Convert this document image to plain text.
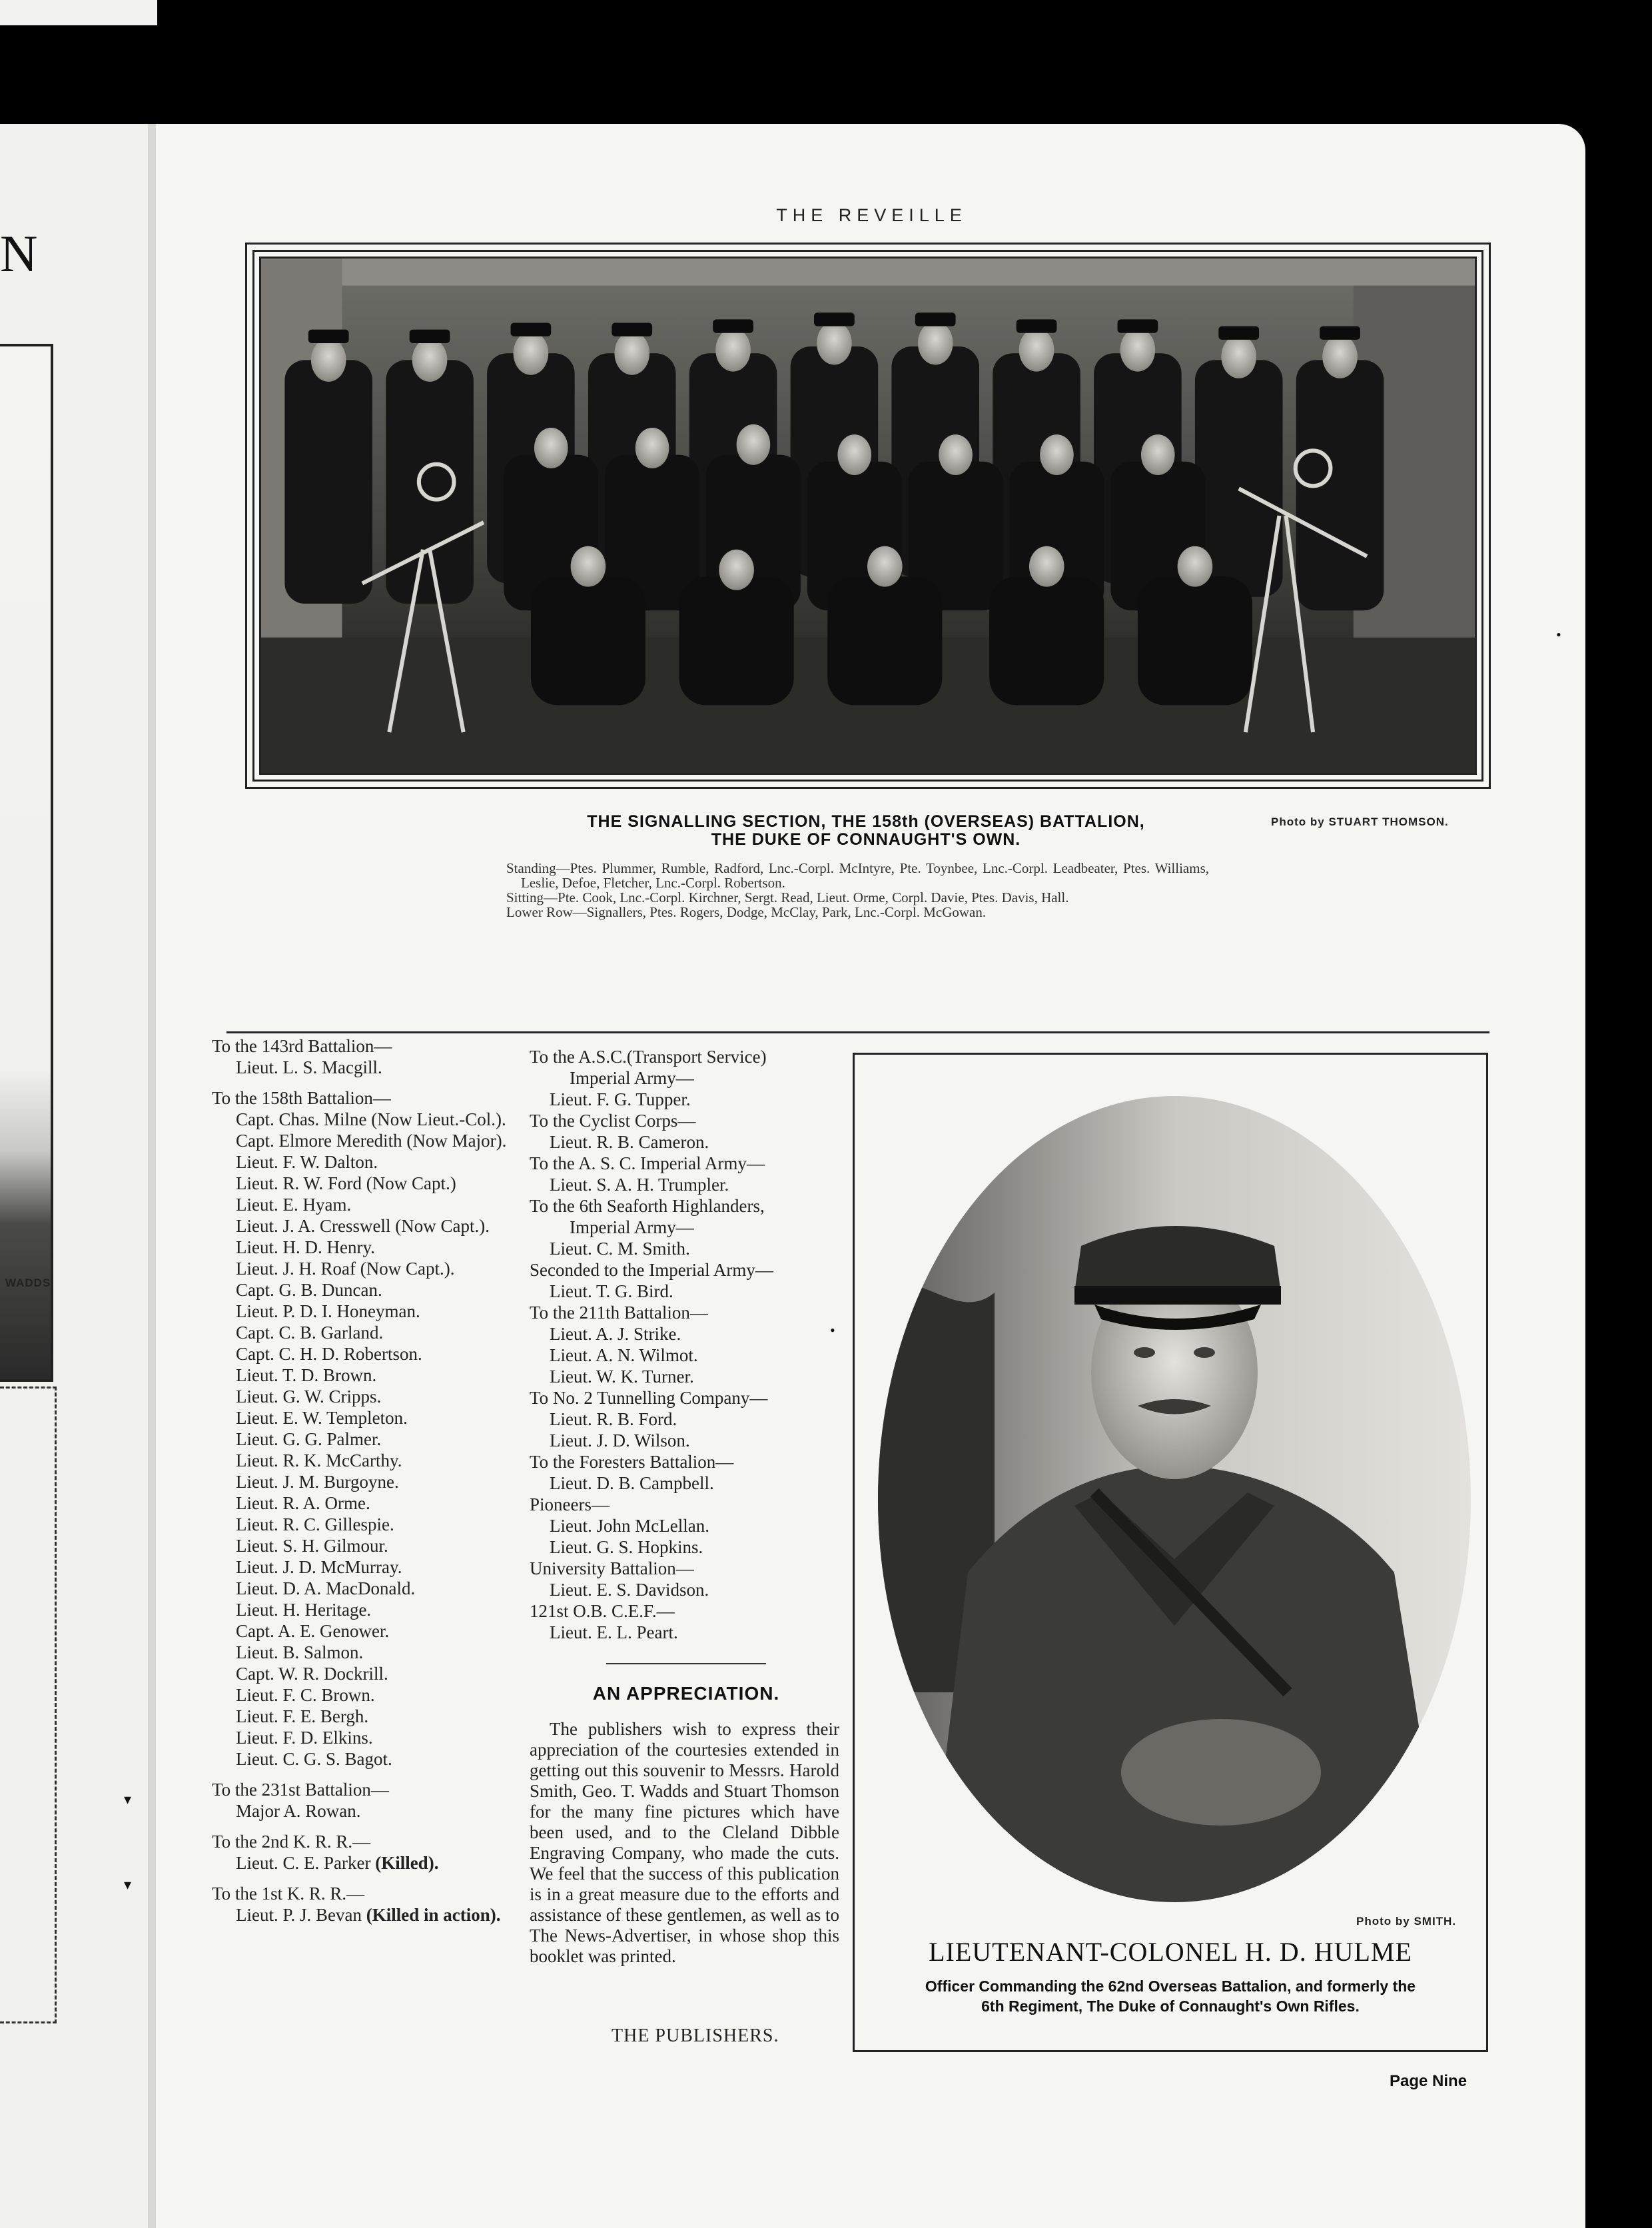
N
WADDS.
THE REVEILLE
Photo by STUART THOMSON.
THE SIGNALLING SECTION, THE 158th (OVERSEAS) BATTALION,
THE DUKE OF CONNAUGHT'S OWN.

Standing—Ptes. Plummer, Rumble, Radford, Lnc.-Corpl. McIntyre, Pte. Toynbee, Lnc.-Corpl. Leadbeater, Ptes. Williams, Leslie, Defoe, Fletcher, Lnc.-Corpl. Robertson.

Sitting—Pte. Cook, Lnc.-Corpl. Kirchner, Sergt. Read, Lieut. Orme, Corpl. Davie, Ptes. Davis, Hall.

Lower Row—Signallers, Ptes. Rogers, Dodge, McClay, Park, Lnc.-Corpl. McGowan.

To the 143rd Battalion—

Lieut. L. S. Macgill.

To the 158th Battalion—

Capt. Chas. Milne (Now Lieut.-Col.).

Capt. Elmore Meredith (Now Major).

Lieut. F. W. Dalton.

Lieut. R. W. Ford (Now Capt.)

Lieut. E. Hyam.

Lieut. J. A. Cresswell (Now Capt.).

Lieut. H. D. Henry.

Lieut. J. H. Roaf (Now Capt.).

Capt. G. B. Duncan.

Lieut. P. D. I. Honeyman.

Capt. C. B. Garland.

Capt. C. H. D. Robertson.

Lieut. T. D. Brown.

Lieut. G. W. Cripps.

Lieut. E. W. Templeton.

Lieut. G. G. Palmer.

Lieut. R. K. McCarthy.

Lieut. J. M. Burgoyne.

Lieut. R. A. Orme.

Lieut. R. C. Gillespie.

Lieut. S. H. Gilmour.

Lieut. J. D. McMurray.

Lieut. D. A. MacDonald.

Lieut. H. Heritage.

Capt. A. E. Genower.

Lieut. B. Salmon.

Capt. W. R. Dockrill.

Lieut. F. C. Brown.

Lieut. F. E. Bergh.

Lieut. F. D. Elkins.

Lieut. C. G. S. Bagot.

To the 231st Battalion—

Major A. Rowan.

To the 2nd K. R. R.—

Lieut. C. E. Parker (Killed).

To the 1st K. R. R.—

Lieut. P. J. Bevan (Killed in action).

To the A.S.C.(Transport Service)

Imperial Army—

Lieut. F. G. Tupper.

To the Cyclist Corps—

Lieut. R. B. Cameron.

To the A. S. C. Imperial Army—

Lieut. S. A. H. Trumpler.

To the 6th Seaforth Highlanders,

Imperial Army—

Lieut. C. M. Smith.

Seconded to the Imperial Army—

Lieut. T. G. Bird.

To the 211th Battalion—

Lieut. A. J. Strike.

Lieut. A. N. Wilmot.

Lieut. W. K. Turner.

To No. 2 Tunnelling Company—

Lieut. R. B. Ford.

Lieut. J. D. Wilson.

To the Foresters Battalion—

Lieut. D. B. Campbell.

Pioneers—

Lieut. John McLellan.

Lieut. G. S. Hopkins.

University Battalion—

Lieut. E. S. Davidson.

121st O.B. C.E.F.—

Lieut. E. L. Peart.

AN APPRECIATION.

The publishers wish to express their appreciation of the courtesies extended in getting out this souvenir to Messrs. Harold Smith, Geo. T. Wadds and Stuart Thomson for the many fine pictures which have been used, and to the Cleland Dibble Engraving Company, who made the cuts. We feel that the success of this publication is in a great measure due to the efforts and assistance of these gentlemen, as well as to The News-Advertiser, in whose shop this booklet was printed.

THE PUBLISHERS.
Photo by SMITH.
LIEUTENANT-COLONEL H. D. HULME
Officer Commanding the 62nd Overseas Battalion, and formerly the
6th Regiment, The Duke of Connaught's Own Rifles.
Page Nine
•
•
▾
▾
